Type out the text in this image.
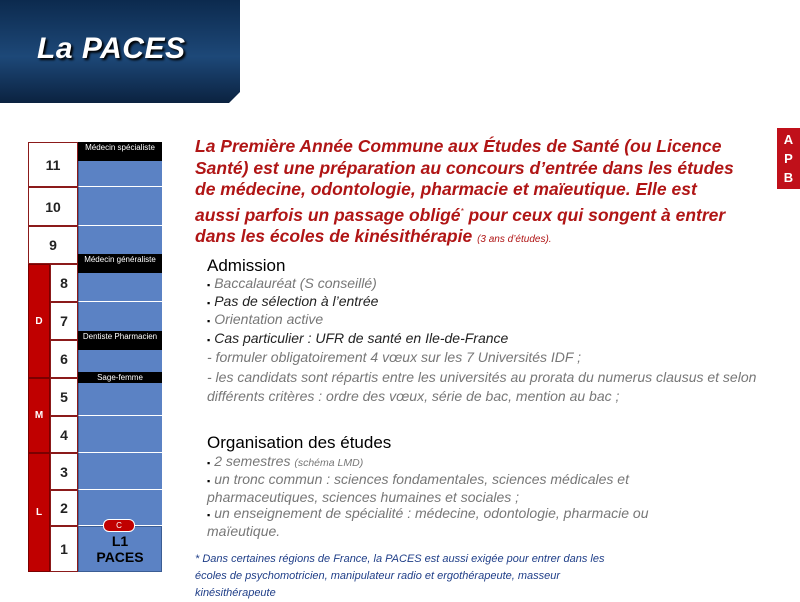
La PACES
A
P
B
D
M
L
11
10
9
8
7
6
5
4
3
2
1
Médecin spécialiste
Médecin généraliste
Dentiste Pharmacien
Sage-femme
L1
PACES
C
La Première Année Commune aux Études de Santé (ou Licence Santé) est une préparation au concours d’entrée dans les études de médecine, odontologie, pharmacie et maïeutique. Elle est aussi parfois un passage obligé* pour ceux qui songent à entrer dans les écoles de kinésithérapie (3 ans d’études).
Admission
▪ Baccalauréat (S conseillé)
▪ Pas de sélection à l’entrée
▪ Orientation active
▪ Cas particulier : UFR de santé en Ile-de-France
- formuler obligatoirement 4 vœux sur les 7 Universités IDF ;
- les candidats sont répartis entre les universités au prorata du numerus clausus et selon différents critères : ordre des vœux, série de bac, mention au bac ;
Organisation des études
▪ 2 semestres (schéma LMD)
▪ un tronc commun : sciences fondamentales, sciences médicales et pharmaceutiques, sciences humaines et sociales ;
▪ un enseignement de spécialité : médecine, odontologie, pharmacie ou maïeutique.
* Dans certaines régions de France, la PACES est aussi exigée pour entrer dans les écoles de psychomotricien, manipulateur radio et ergothérapeute, masseur kinésithérapeute
